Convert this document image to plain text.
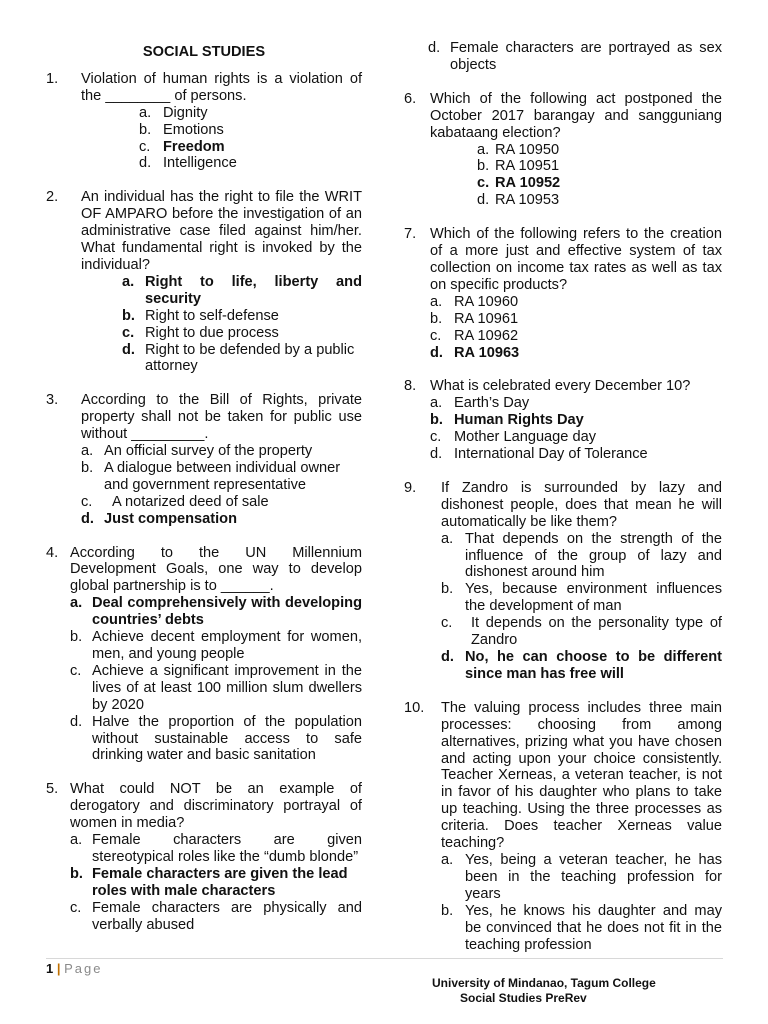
SOCIAL STUDIES
1.	Violation of human rights is a violation of the ________ of persons.
a. Dignity
b. Emotions
c. Freedom
d. Intelligence
2.	An individual has the right to file the WRIT OF AMPARO before the investigation of an administrative case filed against him/her. What fundamental right is invoked by the individual?
a. Right to life, liberty and security
b. Right to self-defense
c. Right to due process
d. Right to be defended by a public attorney
3.	According to the Bill of Rights, private property shall not be taken for public use without _________.
a. An official survey of the property
b. A dialogue between individual owner and government representative
c.	A notarized deed of sale
d. Just compensation
4. According to the UN Millennium Development Goals, one way to develop global partnership is to ______.
a. Deal comprehensively with developing countries’ debts
b. Achieve decent employment for women, men, and young people
c. Achieve a significant improvement in the lives of at least 100 million slum dwellers by 2020
d. Halve the proportion of the population without sustainable access to safe drinking water and basic sanitation
5. What could NOT be an example of derogatory and discriminatory portrayal of women in media?
a. Female characters are given stereotypical roles like the “dumb blonde”
b. Female characters are given the lead roles with male characters
c. Female characters are physically and verbally abused
d. Female characters are portrayed as sex objects
6. Which of the following act postponed the October 2017 barangay and sangguniang kabataang election?
a. RA 10950
b. RA 10951
c. RA 10952
d. RA 10953
7. Which of the following refers to the creation of a more just and effective system of tax collection on income tax rates as well as tax on specific products?
a. RA 10960
b. RA 10961
c. RA 10962
d. RA 10963
8. What is celebrated every December 10?
a. Earth’s Day
b. Human Rights Day
c. Mother Language day
d. International Day of Tolerance
9.	If Zandro is surrounded by lazy and dishonest people, does that mean he will automatically be like them?
a. That depends on the strength of the influence of the group of lazy and dishonest around him
b. Yes, because environment influences the development of man
c.	It depends on the personality type of Zandro
d. No, he can choose to be different since man has free will
10.	The valuing process includes three main processes: choosing from among alternatives, prizing what you have chosen and acting upon your choice consistently. Teacher Xerneas, a veteran teacher, is not in favor of his daughter who plans to take up teaching. Using the three processes as criteria. Does teacher Xerneas value teaching?
a. Yes, being a veteran teacher, he has been in the teaching profession for years
b. Yes, he knows his daughter and may be convinced that he does not fit in the teaching profession
1 | Page
University of Mindanao, Tagum College
Social Studies PreRev
